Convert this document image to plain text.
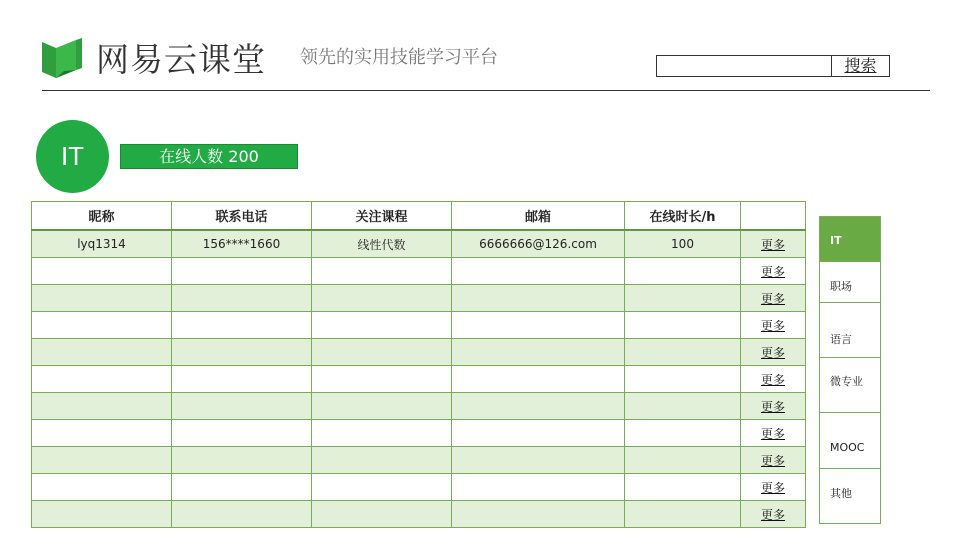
网易云课堂 领先的实用技能学习平台	搜索
IT	在线人数 200
昵称	联系电话	关注课程	邮箱	在线时长/h	
lyq1314	156****1660	线性代数	6666666@126.com	100	更多
					更多
					更多
					更多
					更多
					更多
					更多
					更多
					更多
					更多
					更多
IT
职场
语言
微专业
MOOC
其他
